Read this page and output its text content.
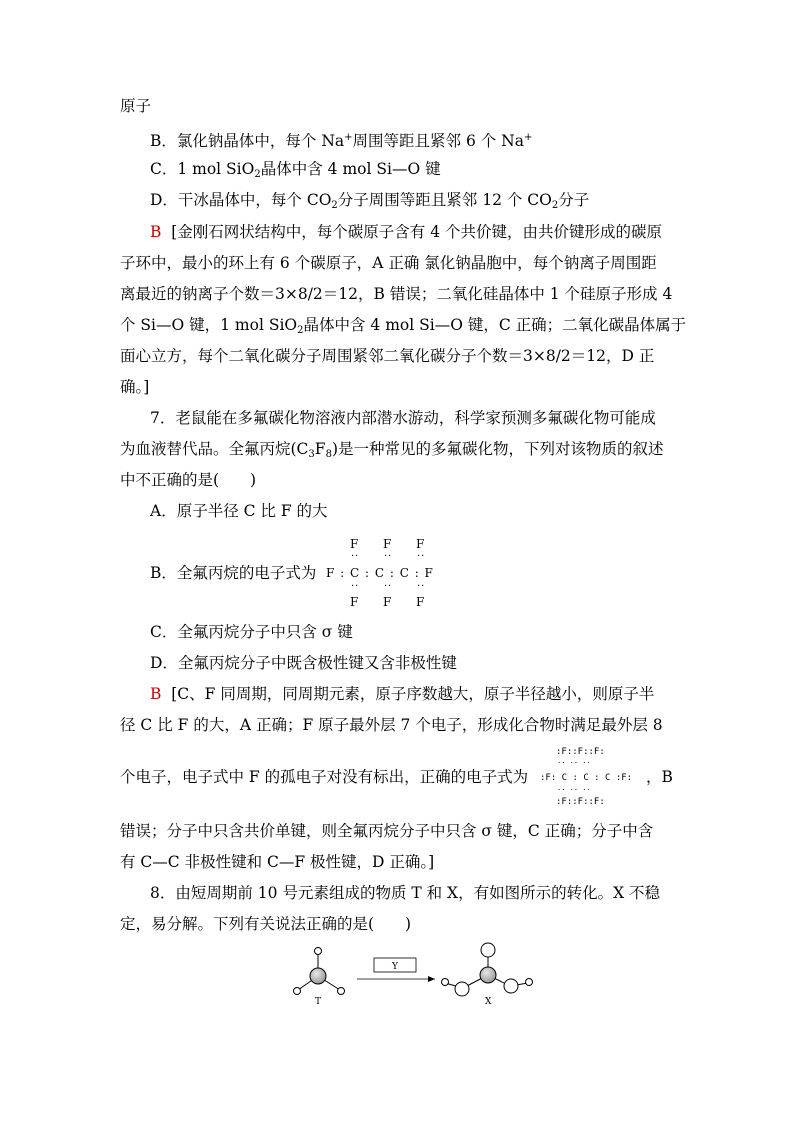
原子
B．氯化钠晶体中，每个 Na+周围等距且紧邻 6 个 Na+
C．1 mol SiO$_2$晶体中含 4 mol Si—O 键
D．干冰晶体中，每个 $CO_2$分子周围等距且紧邻 12 个 $CO_2$分子
B [金刚石网状结构中，每个碳原子含有 4 个共价键，由共价键形成的碳原
子环中，最小的环上有 6 个碳原子，A 正确 氯化钠晶胞中，每个钠离子周围距
离最近的钠离子个数＝3×8/2＝12，B 错误；二氧化硅晶体中 1 个硅原子形成 4
个 Si—O 键，1 mol SiO$_2$晶体中含 4 mol Si—O 键，C 正确；二氧化碳晶体属于
面心立方，每个二氧化碳分子周围紧邻二氧化碳分子个数＝3×8/2＝12，D 正
确。]
7．老鼠能在多氟碳化物溶液内部潜水游动，科学家预测多氟碳化物可能成
为血液替代品。全氟丙烷$(C_3F_8)$是一种常见的多氟碳化物，下列对该物质的叙述
中不正确的是(　　)
A．原子半径 C 比 F 的大
B．全氟丙烷的电子式为
F F F
·· ·· ··
F : C : C : C : F
·· ·· ··
F F F
C．全氟丙烷分子中只含 σ 键
D．全氟丙烷分子中既含极性键又含非极性键
B [C、F 同周期，同周期元素，原子序数越大，原子半径越小，则原子半
径 C 比 F 的大，A 正确；F 原子最外层 7 个电子，形成化合物时满足最外层 8
个电子，电子式中 F 的孤电子对没有标出，正确的电子式为
:F::F::F:
:F: C : C : C :F:
:F::F::F:
·· ·· ··
·· ·· ··
，B
错误；分子中只含共价单键，则全氟丙烷分子中只含 σ 键，C 正确；分子中含
有 C—C 非极性键和 C—F 极性键，D 正确。]
8．由短周期前 10 号元素组成的物质 T 和 X，有如图所示的转化。X 不稳
定，易分解。下列有关说法正确的是(　　)
T
Y
X
